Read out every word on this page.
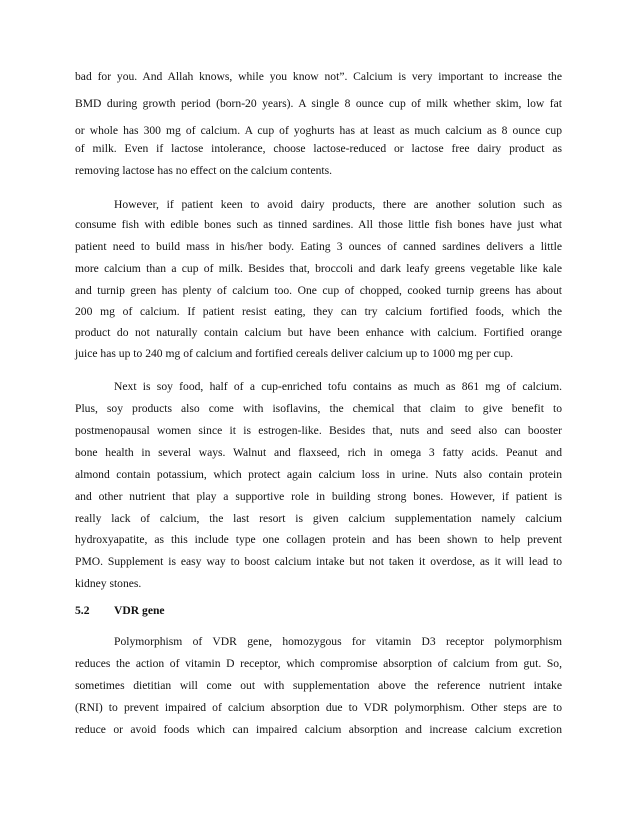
bad for you. And Allah knows, while you know not”. Calcium is very important to increase the
BMD during growth period (born-20 years). A single 8 ounce cup of milk whether skim, low fat
or whole has 300 mg of calcium. A cup of yoghurts has at least as much calcium as 8 ounce cup
of milk. Even if lactose intolerance, choose lactose-reduced or lactose free dairy product as
removing lactose has no effect on the calcium contents.
However, if patient keen to avoid dairy products, there are another solution such as
consume fish with edible bones such as tinned sardines. All those little fish bones have just what
patient need to build mass in his/her body. Eating 3 ounces of canned sardines delivers a little
more calcium than a cup of milk. Besides that, broccoli and dark leafy greens vegetable like kale
and turnip green has plenty of calcium too. One cup of chopped, cooked turnip greens has about
200 mg of calcium. If patient resist eating, they can try calcium fortified foods, which the
product do not naturally contain calcium but have been enhance with calcium. Fortified orange
juice has up to 240 mg of calcium and fortified cereals deliver calcium up to 1000 mg per cup.
Next is soy food, half of a cup-enriched tofu contains as much as 861 mg of calcium.
Plus, soy products also come with isoflavins, the chemical that claim to give benefit to
postmenopausal women since it is estrogen-like. Besides that, nuts and seed also can booster
bone health in several ways. Walnut and flaxseed, rich in omega 3 fatty acids. Peanut and
almond contain potassium, which protect again calcium loss in urine. Nuts also contain protein
and other nutrient that play a supportive role in building strong bones. However, if patient is
really lack of calcium, the last resort is given calcium supplementation namely calcium
hydroxyapatite, as this include type one collagen protein and has been shown to help prevent
PMO. Supplement is easy way to boost calcium intake but not taken it overdose, as it will lead to
kidney stones.
5.2 VDR gene
Polymorphism of VDR gene, homozygous for vitamin D3 receptor polymorphism
reduces the action of vitamin D receptor, which compromise absorption of calcium from gut. So,
sometimes dietitian will come out with supplementation above the reference nutrient intake
(RNI) to prevent impaired of calcium absorption due to VDR polymorphism. Other steps are to
reduce or avoid foods which can impaired calcium absorption and increase calcium excretion
